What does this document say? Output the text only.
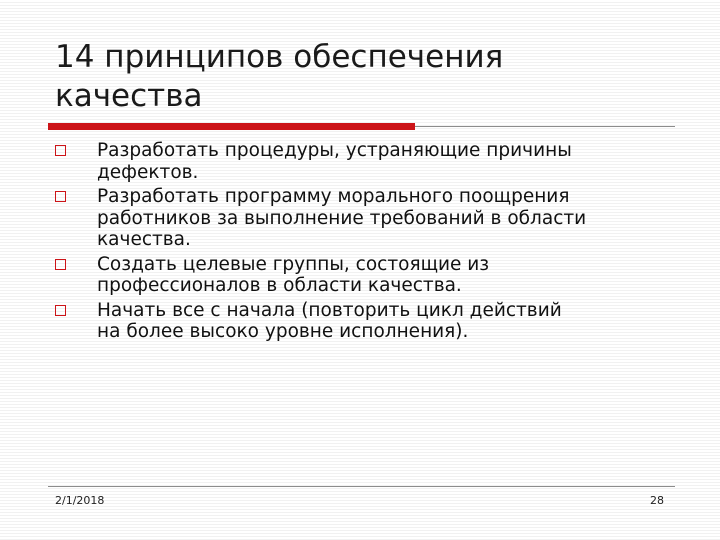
14 принципов обеспечения
качества
Разработать процедуры, устраняющие причины
дефектов.
Разработать программу морального поощрения
работников за выполнение требований в области
качества.
Создать целевые группы, состоящие из
профессионалов в области качества.
Начать все с начала (повторить цикл действий
на более высоко уровне исполнения).
2/1/2018	28
